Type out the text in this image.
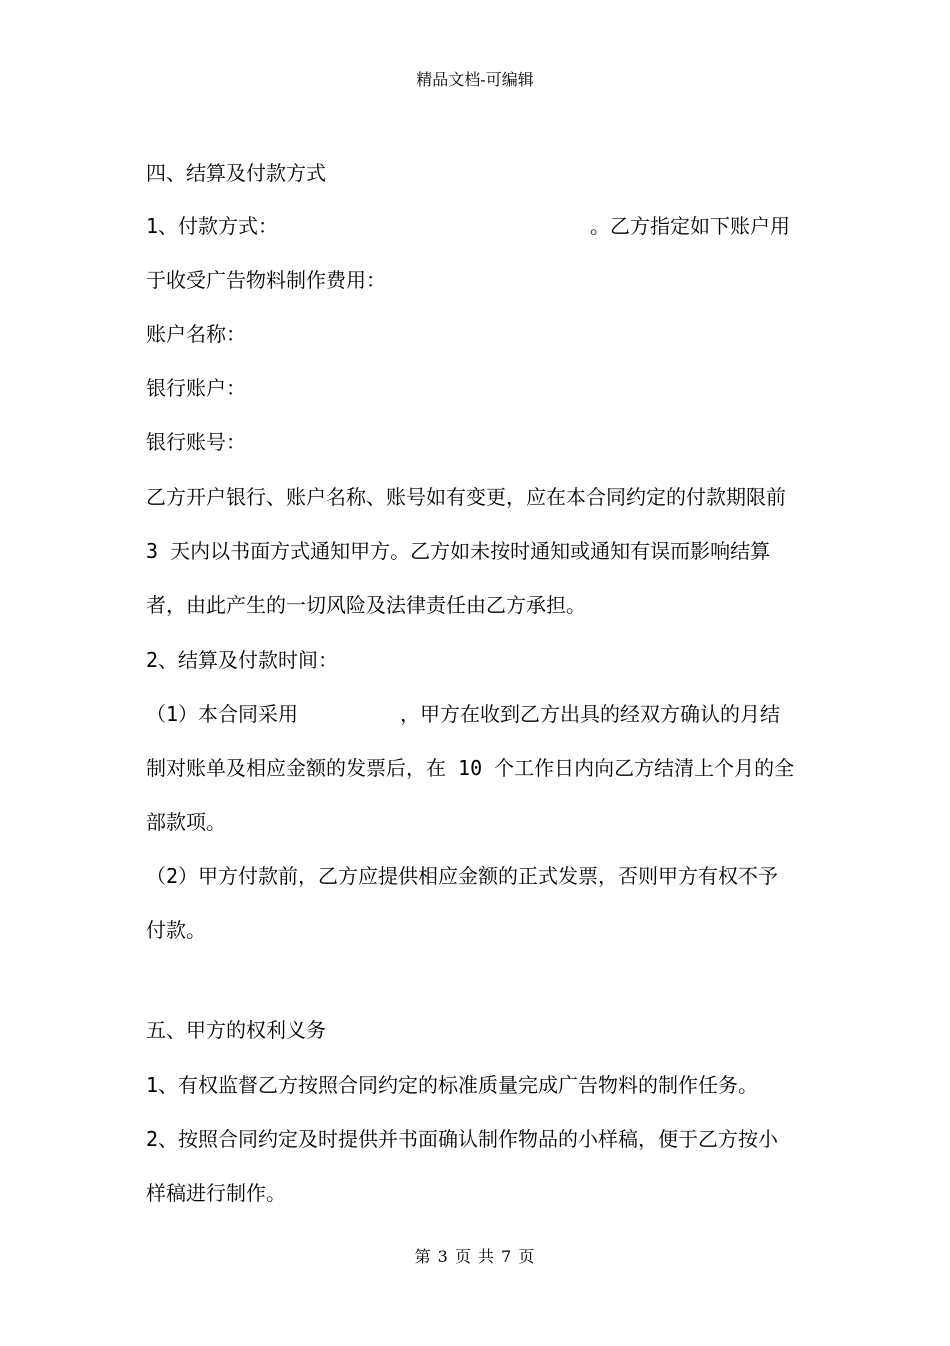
精品文档-可编辑
四、结算及付款方式
1、付款方式：	。乙方指定如下账户用
于收受广告物料制作费用：
账户名称：
银行账户：
银行账号：
乙方开户银行、账户名称、账号如有变更，应在本合同约定的付款期限前
3 天内以书面方式通知甲方。乙方如未按时通知或通知有误而影响结算
者，由此产生的一切风险及法律责任由乙方承担。
2、结算及付款时间：
（1）本合同采用	，甲方在收到乙方出具的经双方确认的月结
制对账单及相应金额的发票后，在 10 个工作日内向乙方结清上个月的全
部款项。
（2）甲方付款前，乙方应提供相应金额的正式发票，否则甲方有权不予
付款。
五、甲方的权利义务
1、有权监督乙方按照合同约定的标准质量完成广告物料的制作任务。
2、按照合同约定及时提供并书面确认制作物品的小样稿，便于乙方按小
样稿进行制作。
第 3 页 共 7 页
